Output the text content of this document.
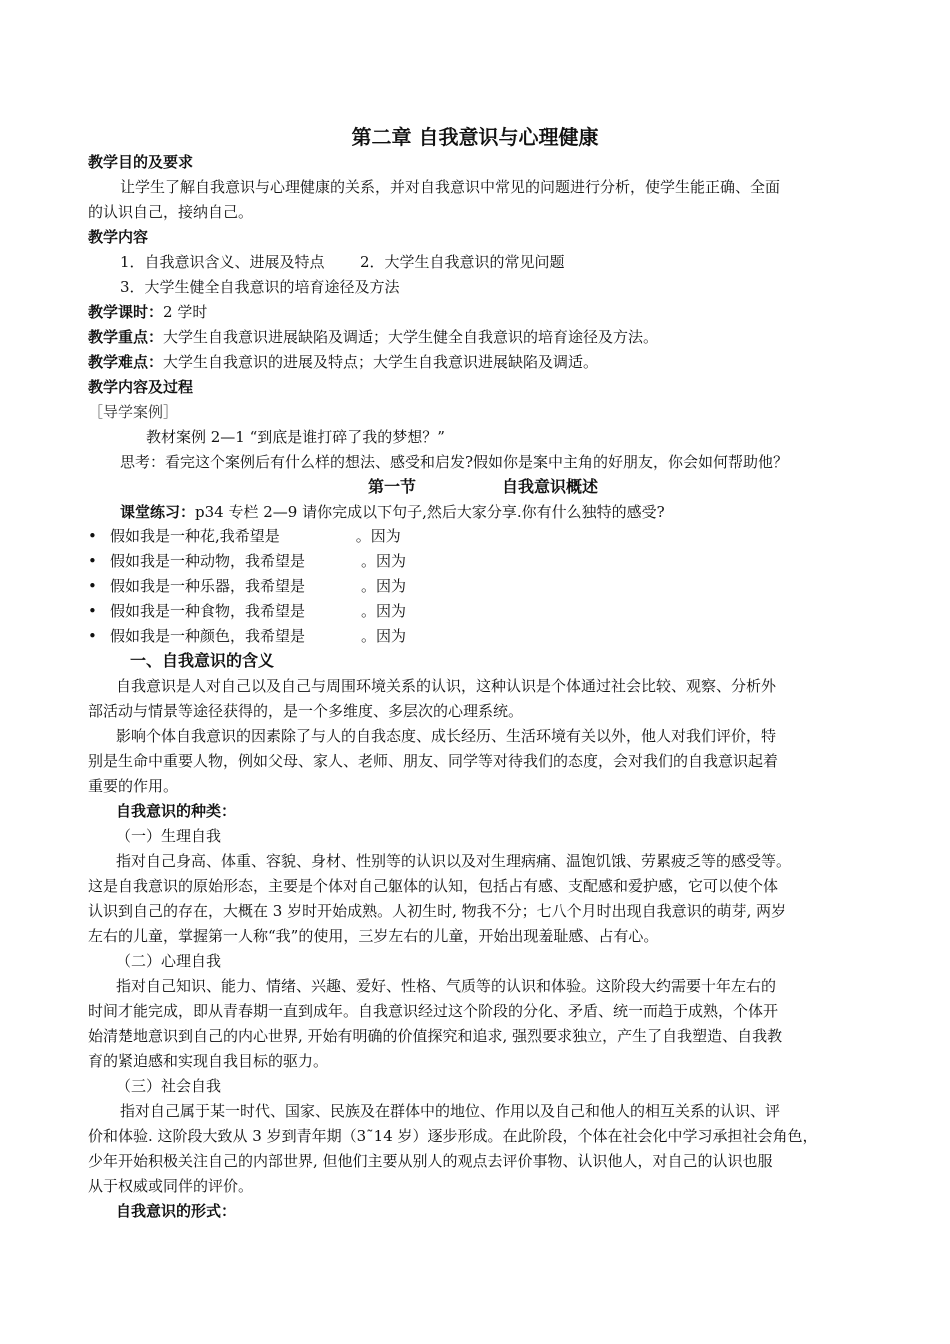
第二章 自我意识与心理健康
教学目的及要求
让学生了解自我意识与心理健康的关系，并对自我意识中常见的问题进行分析，使学生能正确、全面
的认识自己，接纳自己。
教学内容
1．自我意识含义、进展及特点 2．大学生自我意识的常见问题
3．大学生健全自我意识的培育途径及方法
教学课时：2 学时
教学重点：大学生自我意识进展缺陷及调适；大学生健全自我意识的培育途径及方法。
教学难点：大学生自我意识的进展及特点；大学生自我意识进展缺陷及调适。
教学内容及过程
［导学案例］
教材案例 2—1 “到底是谁打碎了我的梦想？”
思考：看完这个案例后有什么样的想法、感受和启发?假如你是案中主角的好朋友，你会如何帮助他？
第一节	自我意识概述
课堂练习：p34 专栏 2—9 请你完成以下句子,然后大家分享.你有什么独特的感受?
• 假如我是一种花,我希望是	。因为
• 假如我是一种动物，我希望是	。因为
• 假如我是一种乐器，我希望是	。因为
• 假如我是一种食物，我希望是	。因为
• 假如我是一种颜色，我希望是	。因为
一、自我意识的含义
自我意识是人对自己以及自己与周围环境关系的认识，这种认识是个体通过社会比较、观察、分析外
部活动与情景等途径获得的，是一个多维度、多层次的心理系统。
影响个体自我意识的因素除了与人的自我态度、成长经历、生活环境有关以外，他人对我们评价，特
别是生命中重要人物，例如父母、家人、老师、朋友、同学等对待我们的态度，会对我们的自我意识起着
重要的作用。
自我意识的种类：
（一）生理自我
指对自己身高、体重、容貌、身材、性别等的认识以及对生理病痛、温饱饥饿、劳累疲乏等的感受等。
这是自我意识的原始形态，主要是个体对自己躯体的认知，包括占有感、支配感和爱护感，它可以使个体
认识到自己的存在，大概在 3 岁时开始成熟。人初生时, 物我不分；七八个月时出现自我意识的萌芽, 两岁
左右的儿童，掌握第一人称“我”的使用，三岁左右的儿童，开始出现羞耻感、占有心。
（二）心理自我
指对自己知识、能力、情绪、兴趣、爱好、性格、气质等的认识和体验。这阶段大约需要十年左右的
时间才能完成，即从青春期一直到成年。自我意识经过这个阶段的分化、矛盾、统一而趋于成熟，个体开
始清楚地意识到自己的内心世界, 开始有明确的价值探究和追求, 强烈要求独立，产生了自我塑造、自我教
育的紧迫感和实现自我目标的驱力。
（三）社会自我
指对自己属于某一时代、国家、民族及在群体中的地位、作用以及自己和他人的相互关系的认识、评
价和体验. 这阶段大致从 3 岁到青年期（3˜14 岁）逐步形成。在此阶段，个体在社会化中学习承担社会角色，
少年开始积极关注自己的内部世界, 但他们主要从别人的观点去评价事物、认识他人，对自己的认识也服
从于权威或同伴的评价。
自我意识的形式：
